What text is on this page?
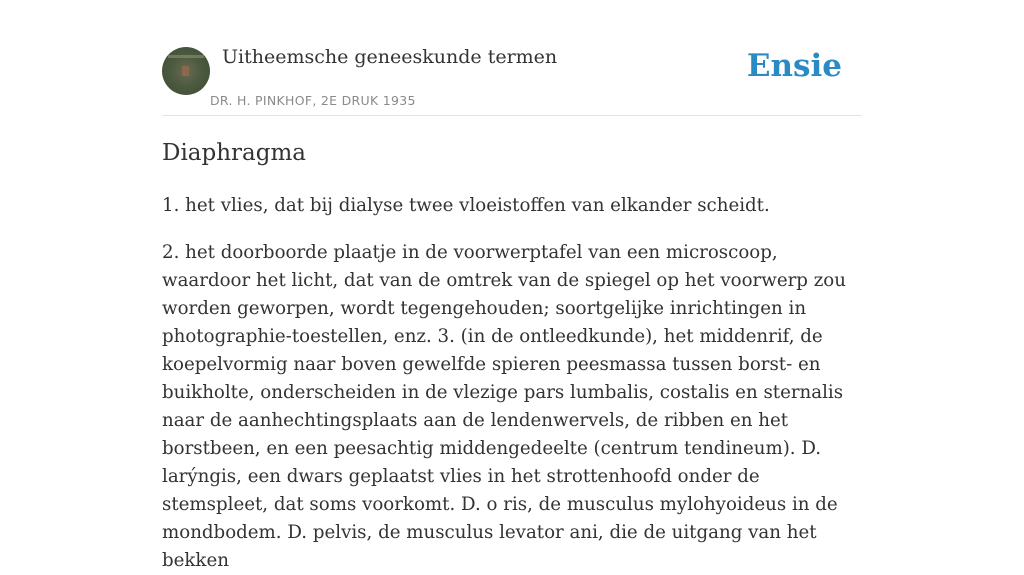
Uitheemsche geneeskunde termen
DR. H. PINKHOF, 2E DRUK 1935
Ensie
Diaphragma

1. het vlies, dat bij dialyse twee vloeistoffen van elkander scheidt.

2. het doorboorde plaatje in de voorwerptafel van een microscoop, waardoor het licht, dat van de omtrek van de spiegel op het voorwerp zou worden geworpen, wordt tegengehouden; soortgelijke inrichtingen in photographie-toestellen, enz. 3. (in de ontleedkunde), het middenrif, de koepelvormig naar boven gewelfde spieren peesmassa tussen borst- en buikholte, onderscheiden in de vlezige pars lumbalis, costalis en sternalis naar de aanhechtingsplaats aan de lendenwervels, de ribben en het borstbeen, en een peesachtig middengedeelte (centrum tendineum). D. larýngis, een dwars geplaatst vlies in het strottenhoofd onder de stemspleet, dat soms voorkomt. D. o ris, de musculus mylohyoideus in de mondbodem. D. pelvis, de musculus levator ani, die de uitgang van het bekken
